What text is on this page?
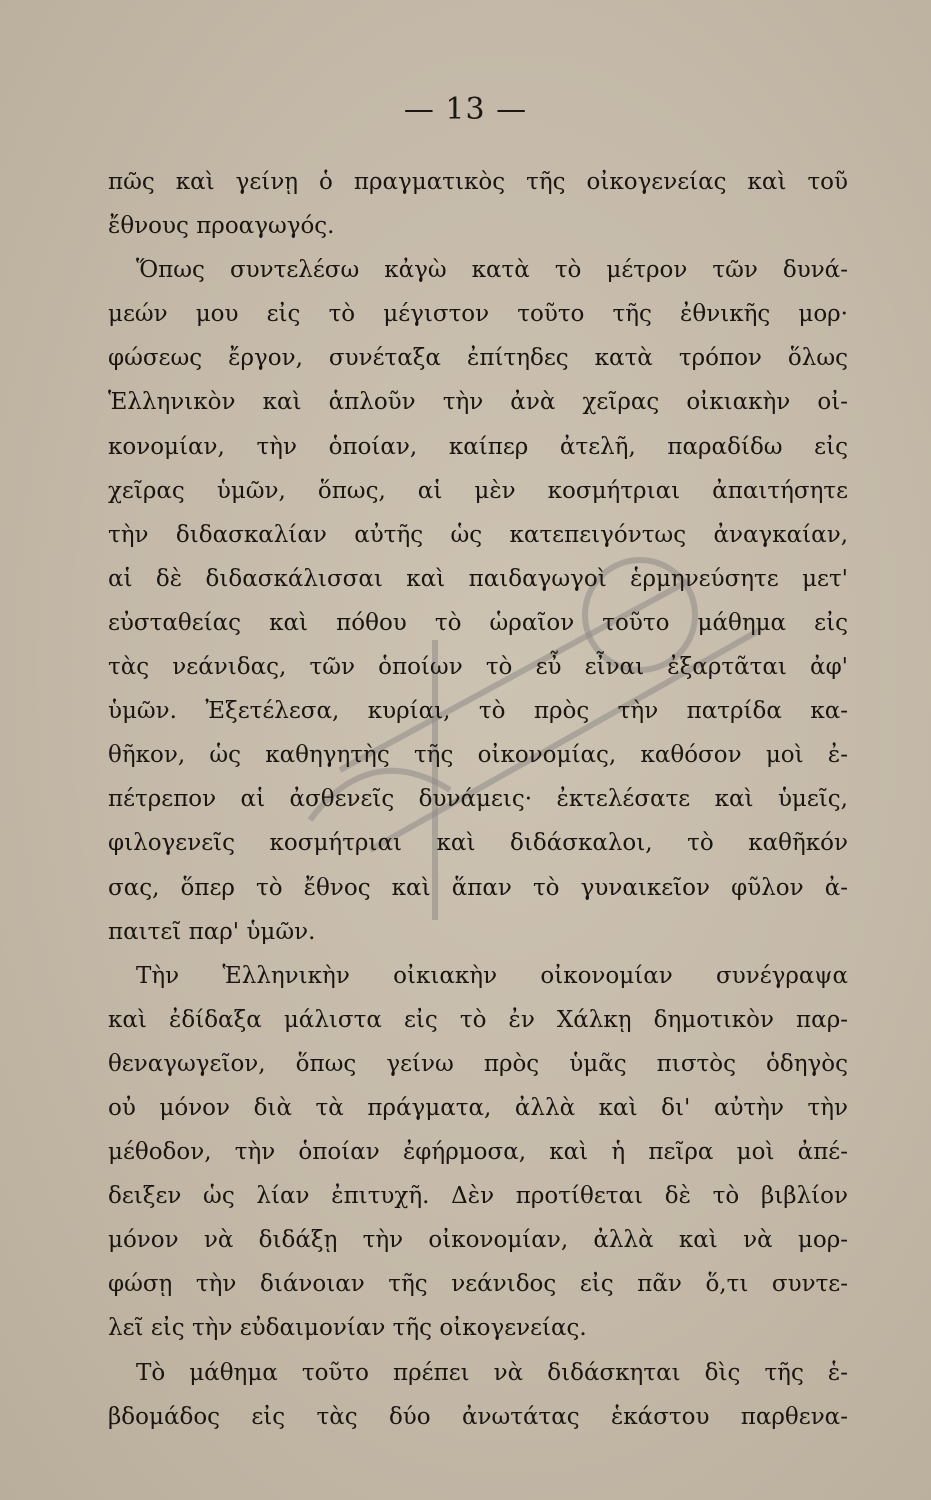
— 13 —
πῶς καὶ γείνῃ ὁ πραγματικὸς τῆς οἰκογενείας καὶ τοῦ
ἔθνους προαγωγός.
Ὅπως συντελέσω κἀγὼ κατὰ τὸ μέτρον τῶν δυνά-
μεών μου εἰς τὸ μέγιστον τοῦτο τῆς ἐθνικῆς μορ·
φώσεως ἔργον, συνέταξα ἐπίτηδες κατὰ τρόπον ὅλως
Ἑλληνικὸν καὶ ἁπλοῦν τὴν ἀνὰ χεῖρας οἰκιακὴν οἰ-
κονομίαν, τὴν ὁποίαν, καίπερ ἀτελῆ, παραδίδω εἰς
χεῖρας ὑμῶν, ὅπως, αἱ μὲν κοσμήτριαι ἀπαιτήσητε
τὴν διδασκαλίαν αὐτῆς ὡς κατεπειγόντως ἀναγκαίαν,
αἱ δὲ διδασκάλισσαι καὶ παιδαγωγοὶ ἑρμηνεύσητε μετ'
εὐσταθείας καὶ πόθου τὸ ὡραῖον τοῦτο μάθημα εἰς
τὰς νεάνιδας, τῶν ὁποίων τὸ εὖ εἶναι ἐξαρτᾶται ἀφ'
ὑμῶν. Ἐξετέλεσα, κυρίαι, τὸ πρὸς τὴν πατρίδα κα-
θῆκον, ὡς καθηγητὴς τῆς οἰκονομίας, καθόσον μοὶ ἐ-
πέτρεπον αἱ ἀσθενεῖς δυνάμεις· ἐκτελέσατε καὶ ὑμεῖς,
φιλογενεῖς κοσμήτριαι καὶ διδάσκαλοι, τὸ καθῆκόν
σας, ὅπερ τὸ ἔθνος καὶ ἅπαν τὸ γυναικεῖον φῦλον ἀ-
παιτεῖ παρ' ὑμῶν.
Τὴν Ἑλληνικὴν οἰκιακὴν οἰκονομίαν συνέγραψα
καὶ ἐδίδαξα μάλιστα εἰς τὸ ἐν Χάλκῃ δημοτικὸν παρ-
θεναγωγεῖον, ὅπως γείνω πρὸς ὑμᾶς πιστὸς ὁδηγὸς
οὐ μόνον διὰ τὰ πράγματα, ἀλλὰ καὶ δι' αὐτὴν τὴν
μέθοδον, τὴν ὁποίαν ἐφήρμοσα, καὶ ἡ πεῖρα μοὶ ἀπέ-
δειξεν ὡς λίαν ἐπιτυχῆ. Δὲν προτίθεται δὲ τὸ βιβλίον
μόνον νὰ διδάξῃ τὴν οἰκονομίαν, ἀλλὰ καὶ νὰ μορ-
φώσῃ τὴν διάνοιαν τῆς νεάνιδος εἰς πᾶν ὅ,τι συντε-
λεῖ εἰς τὴν εὐδαιμονίαν τῆς οἰκογενείας.
Τὸ μάθημα τοῦτο πρέπει νὰ διδάσκηται δὶς τῆς ἑ-
βδομάδος εἰς τὰς δύο ἀνωτάτας ἑκάστου παρθενα-
